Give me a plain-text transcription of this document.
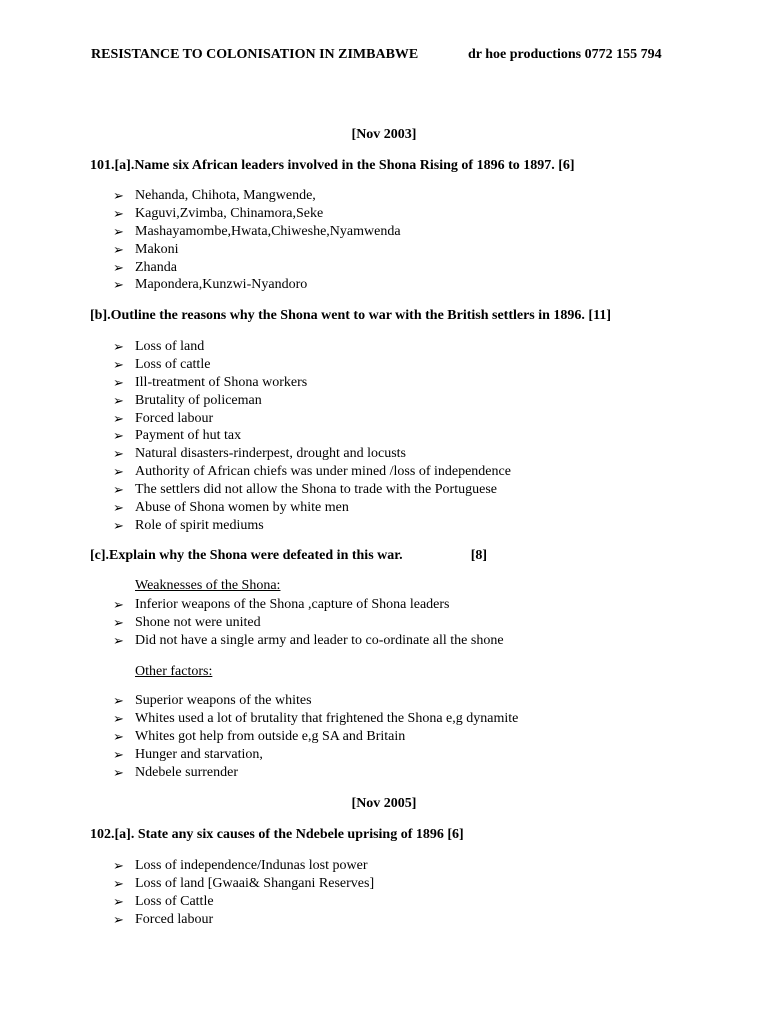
RESISTANCE TO COLONISATION IN ZIMBABWE	dr hoe productions 0772 155 794
[Nov 2003]
101.[a].Name six African leaders involved in the Shona Rising of 1896 to 1897. [6]
➢ Nehanda, Chihota, Mangwende,
➢ Kaguvi,Zvimba, Chinamora,Seke
➢ Mashayamombe,Hwata,Chiweshe,Nyamwenda
➢ Makoni
➢ Zhanda
➢ Mapondera,Kunzwi-Nyandoro
[b].Outline the reasons why the Shona went to war with the British settlers in 1896. [11]
➢ Loss of land
➢ Loss of cattle
➢ Ill-treatment of Shona workers
➢ Brutality of policeman
➢ Forced labour
➢ Payment of hut tax
➢ Natural disasters-rinderpest, drought and locusts
➢ Authority of African chiefs was under mined /loss of independence
➢ The settlers did not allow the Shona to trade with the Portuguese
➢ Abuse of Shona women by white men
➢ Role of spirit mediums
[c].Explain why the Shona were defeated in this war.	[8]
Weaknesses of the Shona:
➢ Inferior weapons of the Shona ,capture of Shona leaders
➢ Shone not were united
➢ Did not have a single army and leader to co-ordinate all the shone
Other factors:
➢ Superior weapons of the whites
➢ Whites used a lot of brutality that frightened the Shona e,g dynamite
➢ Whites got help from outside e,g SA and Britain
➢ Hunger and starvation,
➢ Ndebele surrender
[Nov 2005]
102.[a]. State any six causes of the Ndebele uprising of 1896 [6]
➢ Loss of independence/Indunas lost power
➢ Loss of land [Gwaai& Shangani Reserves]
➢ Loss of Cattle
➢ Forced labour
